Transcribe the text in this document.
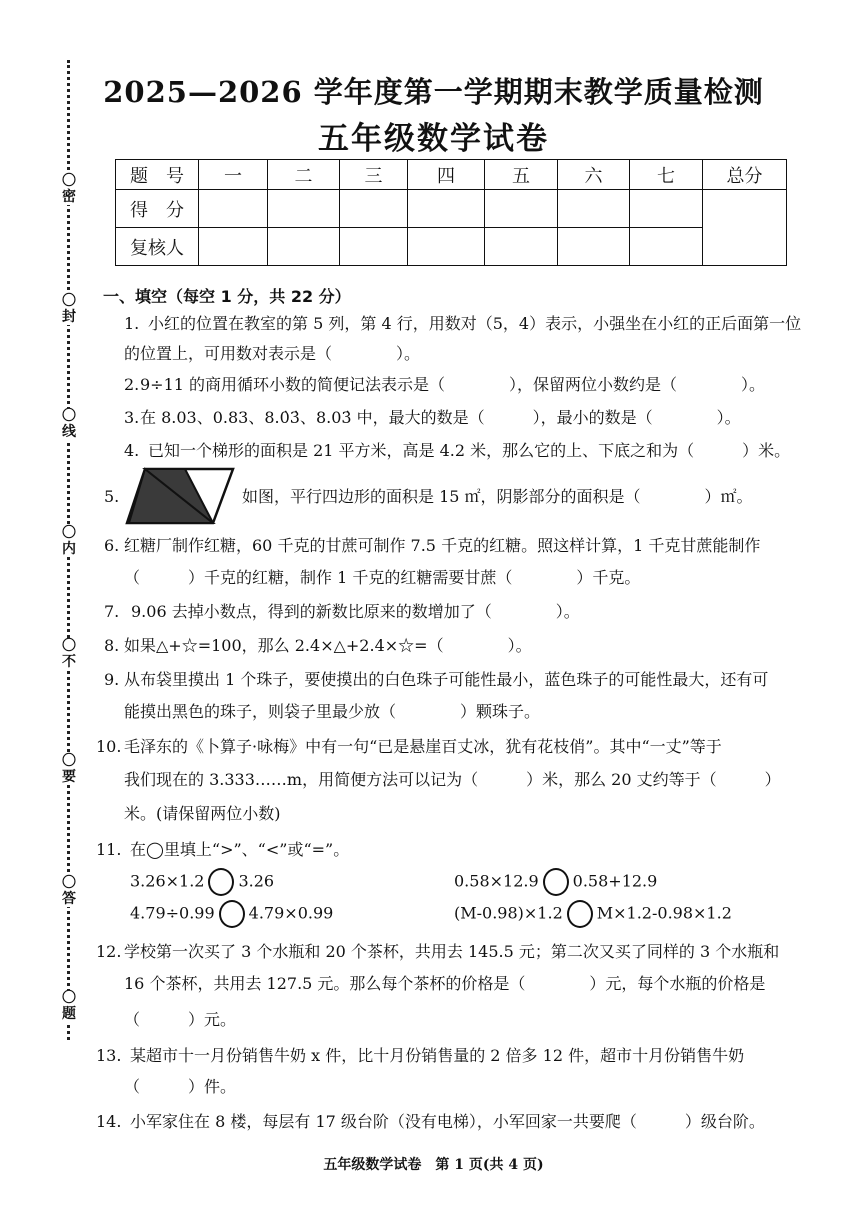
〇密
〇封
〇线
〇内
〇不
〇要
〇答
〇题
2025—2026 学年度第一学期期末教学质量检测
五年级数学试卷
题　号	一	二	三	四	五	六	七	总分
得　分								
复核人								
一、填空（每空 1 分，共 22 分）
1. 小红的位置在教室的第 5 列，第 4 行，用数对（5，4）表示，小强坐在小红的正后面第一位
的位置上，可用数对表示是（　　　　）。
2. 9÷11 的商用循环小数的简便记法表示是（　　　　），保留两位小数约是（　　　　）。
3. 在 8.03、0.83、8.0̇3̇、8.03̇ 中，最大的数是（　　　），最小的数是（　　　　）。
4. 已知一个梯形的面积是 21 平方米，高是 4.2 米，那么它的上、下底之和为（　　　）米。
5.	如图，平行四边形的面积是 15 ㎡，阴影部分的面积是（　　　　）㎡。
6. 红糖厂制作红糖，60 千克的甘蔗可制作 7.5 千克的红糖。照这样计算，1 千克甘蔗能制作
（　　　）千克的红糖，制作 1 千克的红糖需要甘蔗（　　　　）千克。
7. 9.06 去掉小数点，得到的新数比原来的数增加了（　　　　）。
8. 如果△+☆=100，那么 2.4×△+2.4×☆=（　　　　）。
9. 从布袋里摸出 1 个珠子，要使摸出的白色珠子可能性最小，蓝色珠子的可能性最大，还有可
能摸出黑色的珠子，则袋子里最少放（　　　　）颗珠子。
10. 毛泽东的《卜算子·咏梅》中有一句“已是悬崖百丈冰，犹有花枝俏”。其中“一丈”等于
我们现在的 3.333……m，用简便方法可以记为（　　　）米，那么 20 丈约等于（　　　）
米。(请保留两位小数)
11. 在◯里填上“>”、“<”或“=”。
3.26×1.2 3.26	0.58×12.9 0.58+12.9
4.79÷0.99 4.79×0.99	(M-0.98)×1.2 M×1.2-0.98×1.2
12. 学校第一次买了 3 个水瓶和 20 个茶杯，共用去 145.5 元；第二次又买了同样的 3 个水瓶和
16 个茶杯，共用去 127.5 元。那么每个茶杯的价格是（　　　　）元，每个水瓶的价格是
（　　　）元。
13. 某超市十一月份销售牛奶 x 件，比十月份销售量的 2 倍多 12 件，超市十月份销售牛奶
（　　　）件。
14. 小军家住在 8 楼，每层有 17 级台阶（没有电梯），小军回家一共要爬（　　　）级台阶。
五年级数学试卷　第 1 页(共 4 页)
